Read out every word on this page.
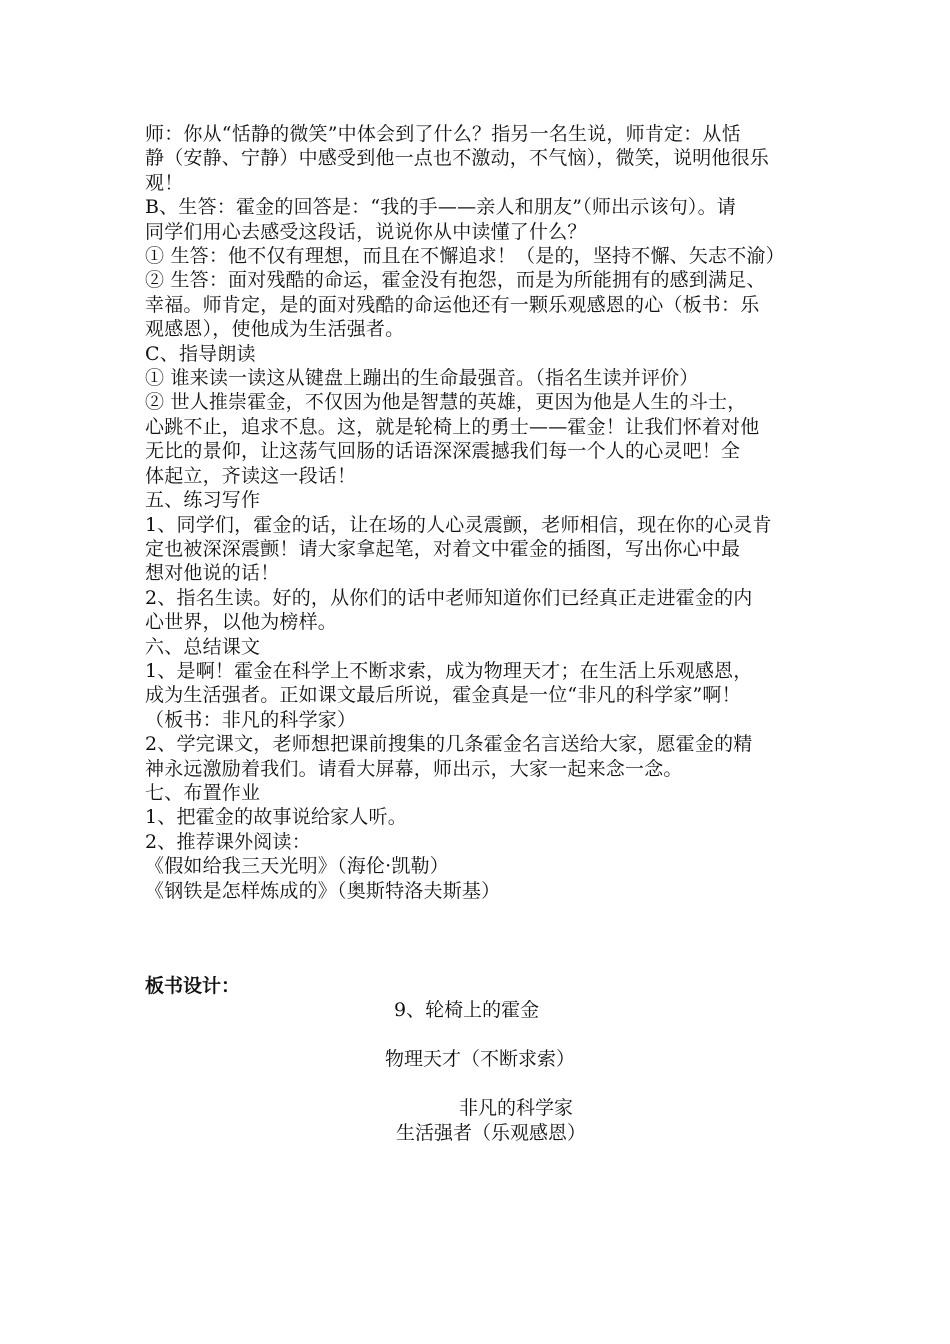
师：你从“恬静的微笑”中体会到了什么？指另一名生说，师肯定：从恬

静（安静、宁静）中感受到他一点也不激动，不气恼），微笑，说明他很乐

观！

B、生答：霍金的回答是：“我的手——亲人和朋友”（师出示该句）。请

同学们用心去感受这段话，说说你从中读懂了什么？

① 生答：他不仅有理想，而且在不懈追求！（是的，坚持不懈、矢志不渝）

② 生答：面对残酷的命运，霍金没有抱怨，而是为所能拥有的感到满足、

幸福。师肯定，是的面对残酷的命运他还有一颗乐观感恩的心（板书：乐

观感恩），使他成为生活强者。

C、指导朗读

① 谁来读一读这从键盘上蹦出的生命最强音。（指名生读并评价）

② 世人推崇霍金，不仅因为他是智慧的英雄，更因为他是人生的斗士，

心跳不止，追求不息。这，就是轮椅上的勇士——霍金！让我们怀着对他

无比的景仰，让这荡气回肠的话语深深震撼我们每一个人的心灵吧！全

体起立，齐读这一段话！

五、练习写作

1、同学们，霍金的话，让在场的人心灵震颤，老师相信，现在你的心灵肯

定也被深深震颤！请大家拿起笔，对着文中霍金的插图，写出你心中最

想对他说的话！

2、指名生读。好的，从你们的话中老师知道你们已经真正走进霍金的内

心世界，以他为榜样。

六、总结课文

1、是啊！霍金在科学上不断求索，成为物理天才；在生活上乐观感恩，

成为生活强者。正如课文最后所说，霍金真是一位“非凡的科学家”啊！

（板书：非凡的科学家）

2、学完课文，老师想把课前搜集的几条霍金名言送给大家，愿霍金的精

神永远激励着我们。请看大屏幕，师出示，大家一起来念一念。

七、布置作业

1、把霍金的故事说给家人听。

2、推荐课外阅读：

《假如给我三天光明》（海伦·凯勒）

《钢铁是怎样炼成的》（奥斯特洛夫斯基）

板书设计：

9、轮椅上的霍金

物理天才（不断求索）

非凡的科学家

生活强者（乐观感恩）
